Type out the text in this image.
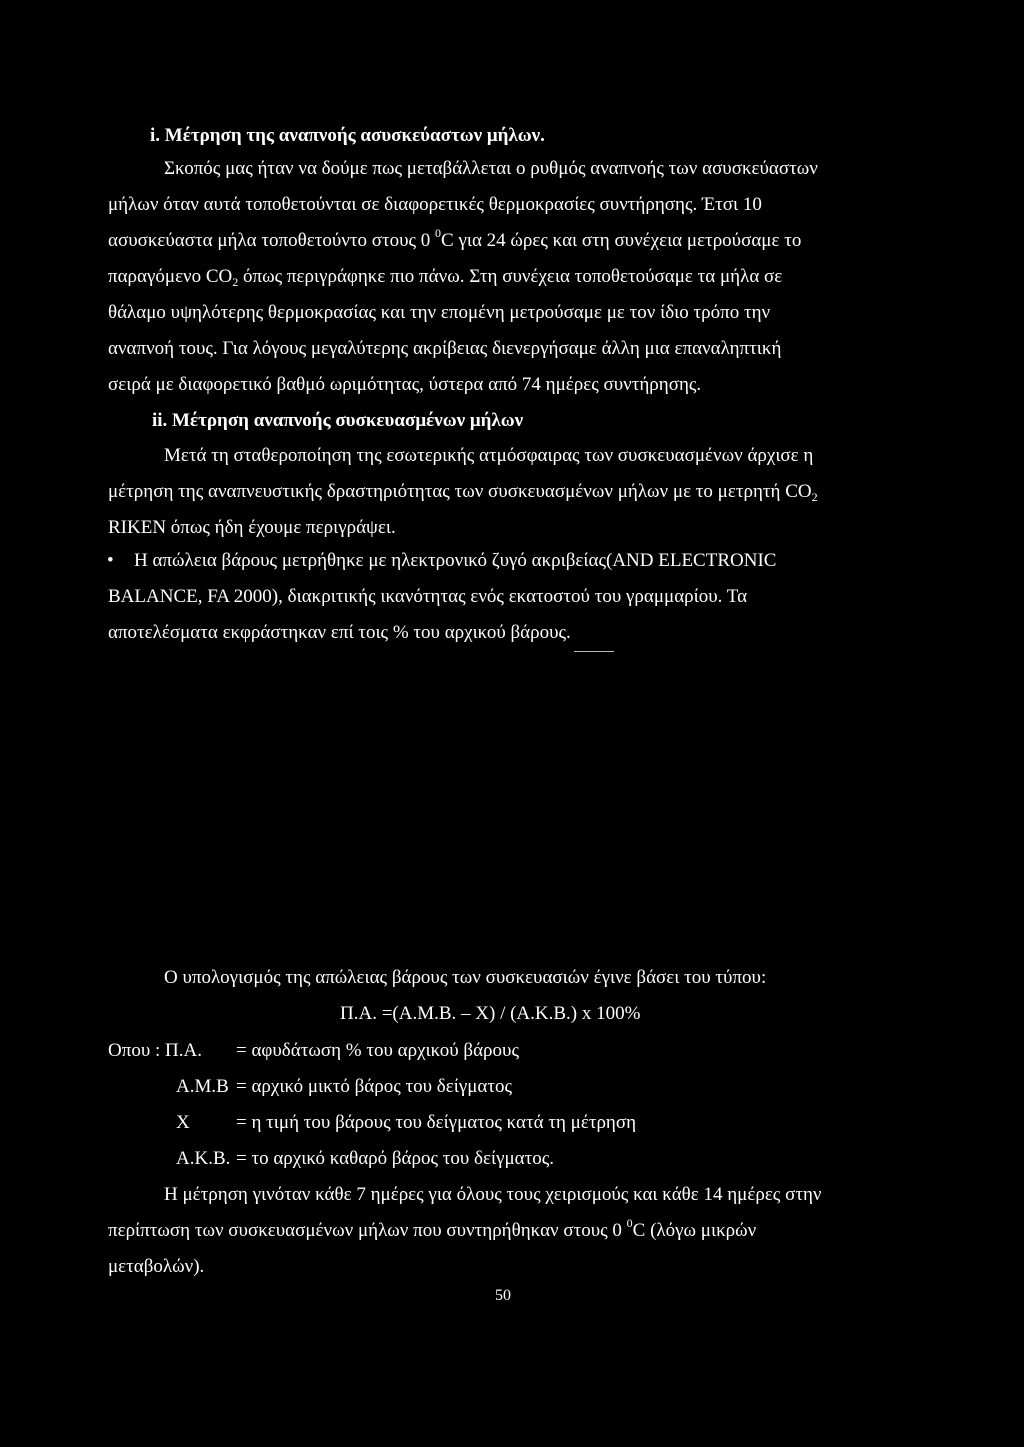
i. Μέτρηση της αναπνοής ασυσκεύαστων μήλων.
Σκοπός μας ήταν να δούμε πως μεταβάλλεται ο ρυθμός αναπνοής των ασυσκεύαστων
μήλων όταν αυτά τοποθετούνται σε διαφορετικές θερμοκρασίες συντήρησης. Έτσι 10
ασυσκεύαστα μήλα τοποθετούντο στους 0 $^0$C για 24 ώρες και στη συνέχεια μετρούσαμε το
παραγόμενο $CO_2$ όπως περιγράφηκε πιο πάνω. Στη συνέχεια τοποθετούσαμε τα μήλα σε
θάλαμο υψηλότερης θερμοκρασίας και την επομένη μετρούσαμε με τον ίδιο τρόπο την
αναπνοή τους. Για λόγους μεγαλύτερης ακρίβειας διενεργήσαμε άλλη μια επαναληπτική
σειρά με διαφορετικό βαθμό ωριμότητας, ύστερα από 74 ημέρες συντήρησης.
ii. Μέτρηση αναπνοής συσκευασμένων μήλων
Μετά τη σταθεροποίηση της εσωτερικής ατμόσφαιρας των συσκευασμένων άρχισε η
μέτρηση της αναπνευστικής δραστηριότητας των συσκευασμένων μήλων με το μετρητή $CO_2$
RIKEN όπως ήδη έχουμε περιγράψει.
• Η απώλεια βάρους μετρήθηκε με ηλεκτρονικό ζυγό ακριβείας(AND ELECTRONIC
BALANCE, FA 2000), διακριτικής ικανότητας ενός εκατοστού του γραμμαρίου. Τα
αποτελέσματα εκφράστηκαν επί τοις % του αρχικού βάρους.
Ο υπολογισμός της απώλειας βάρους των συσκευασιών έγινε βάσει του τύπου:
Π.Α. =(Α.Μ.Β. – Χ) / (Α.Κ.Β.) x 100%
Οπου : Π.Α. = αφυδάτωση % του αρχικού βάρους
Α.Μ.Β = αρχικό μικτό βάρος του δείγματος
Χ = η τιμή του βάρους του δείγματος κατά τη μέτρηση
Α.Κ.Β. = το αρχικό καθαρό βάρος του δείγματος.
Η μέτρηση γινόταν κάθε 7 ημέρες για όλους τους χειρισμούς και κάθε 14 ημέρες στην
περίπτωση των συσκευασμένων μήλων που συντηρήθηκαν στους 0 $^0$C (λόγω μικρών
μεταβολών).
50
